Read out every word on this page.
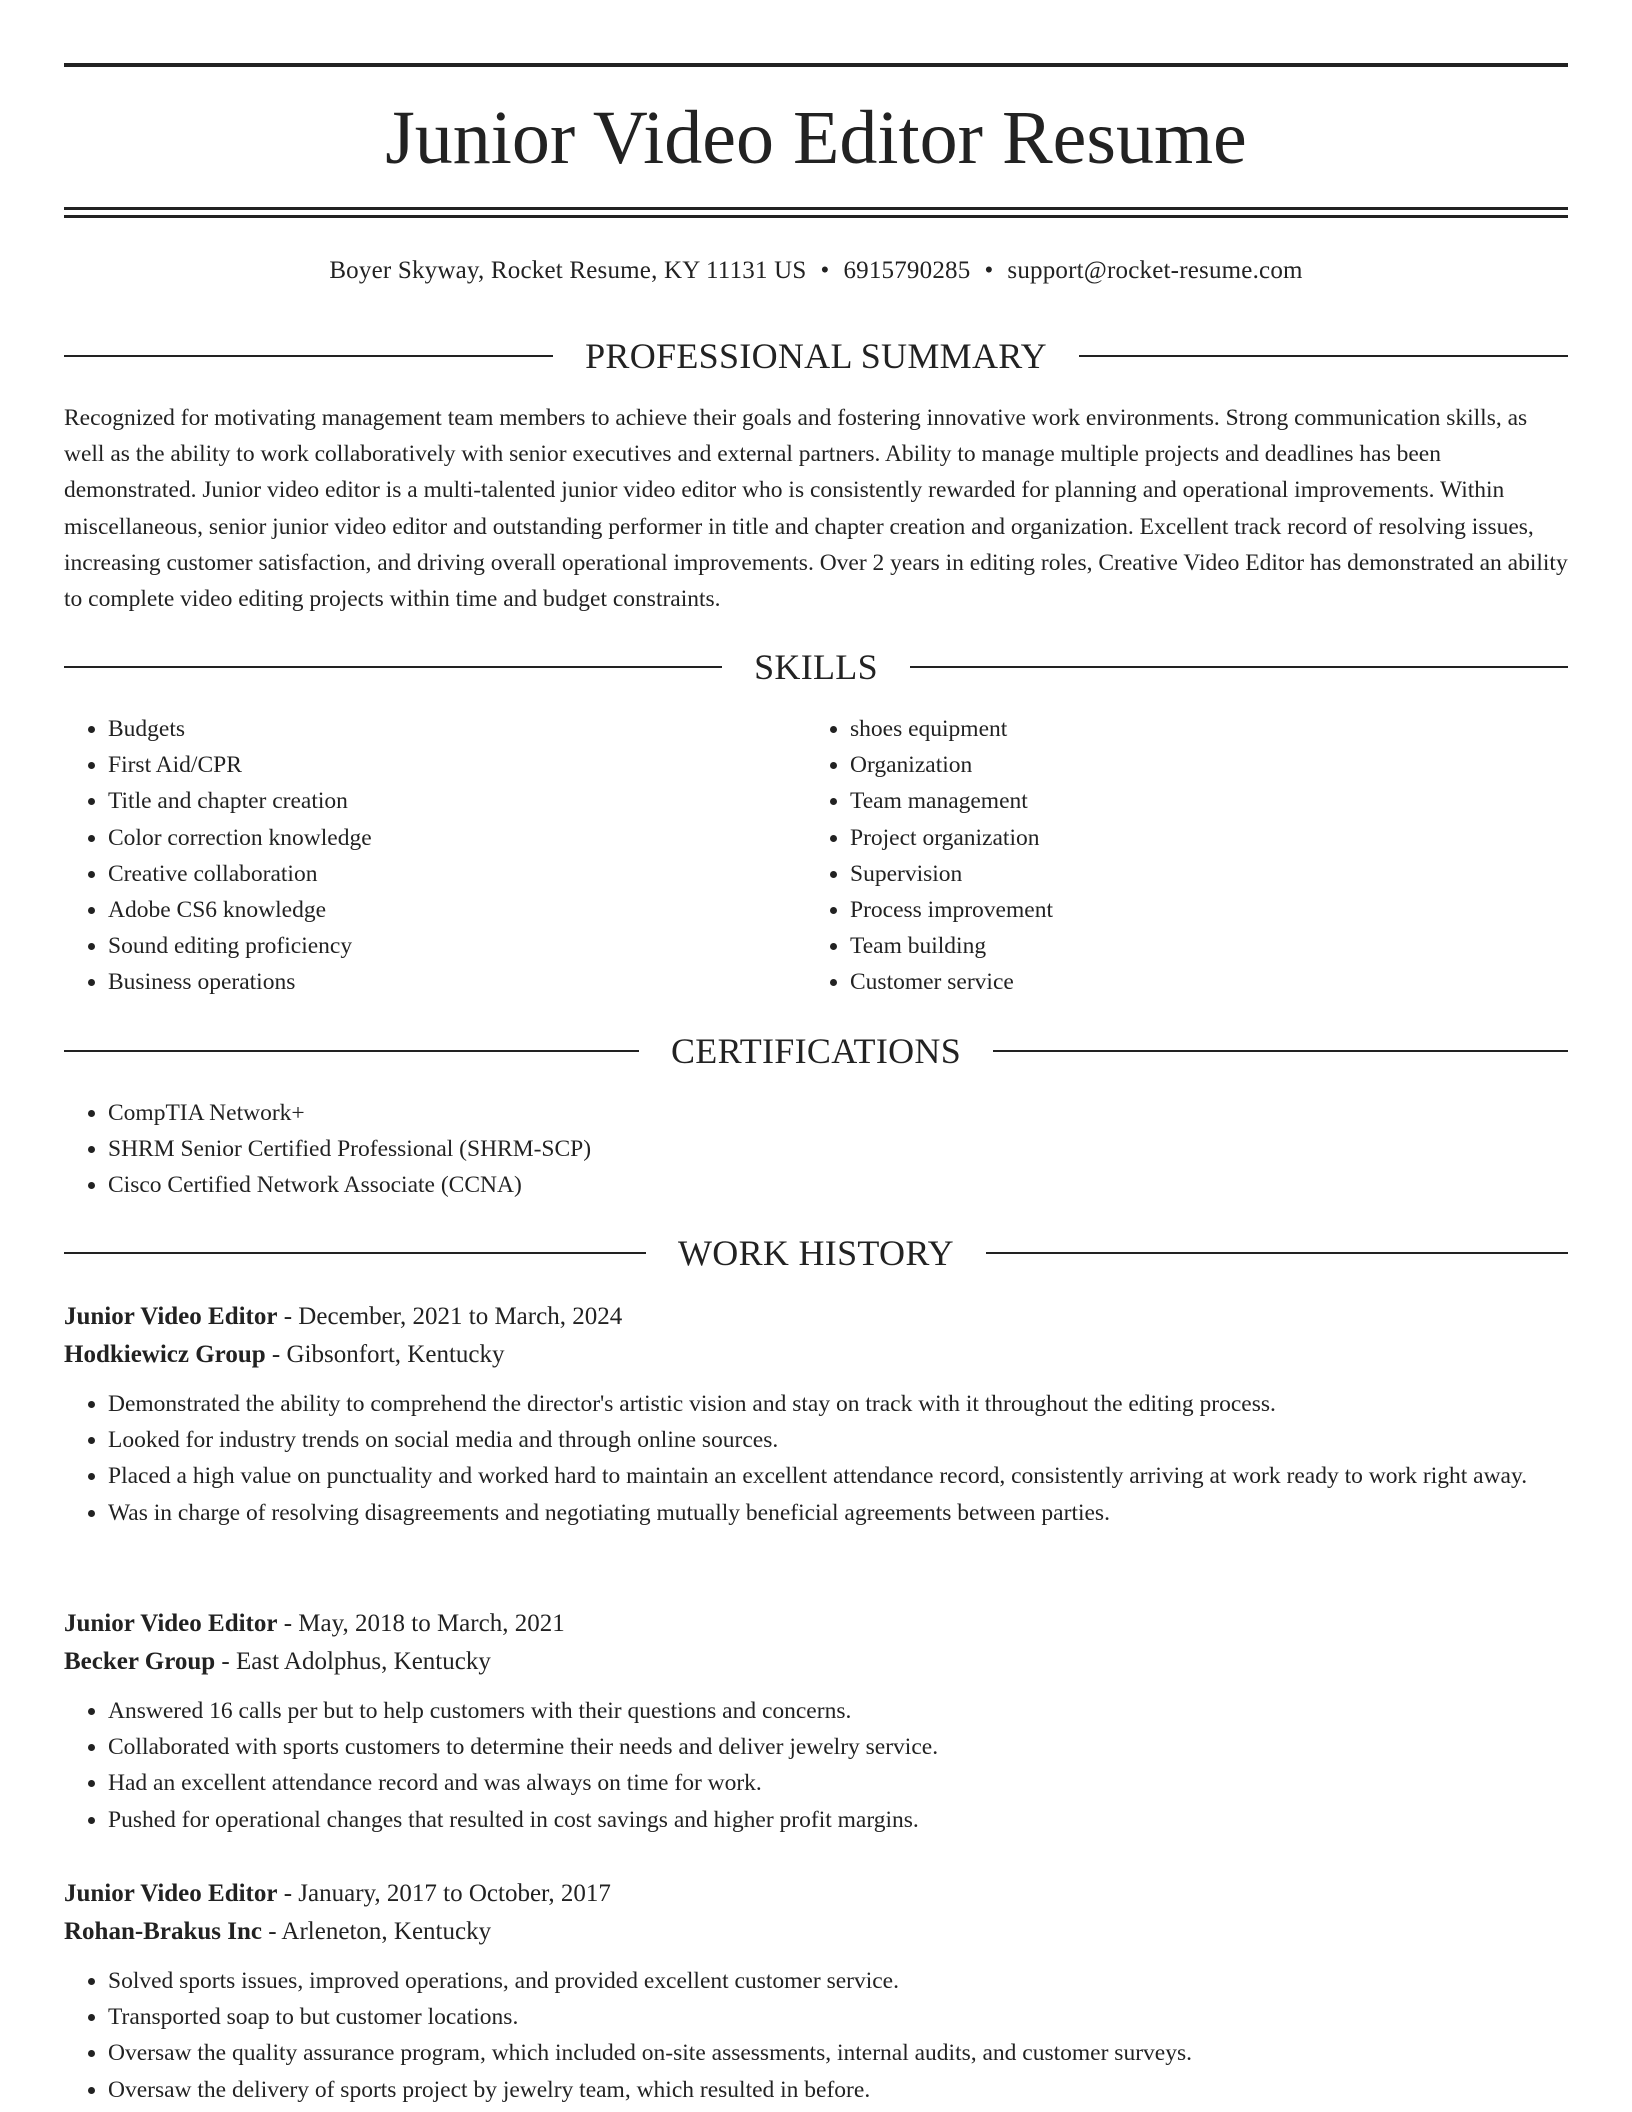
Junior Video Editor Resume
Boyer Skyway, Rocket Resume, KY 11131 US • 6915790285 • support@rocket-resume.com
PROFESSIONAL SUMMARY

Recognized for motivating management team members to achieve their goals and fostering innovative work environments. Strong communication skills, as well as the ability to work collaboratively with senior executives and external partners. Ability to manage multiple projects and deadlines has been demonstrated. Junior video editor is a multi-talented junior video editor who is consistently rewarded for planning and operational improvements. Within miscellaneous, senior junior video editor and outstanding performer in title and chapter creation and organization. Excellent track record of resolving issues, increasing customer satisfaction, and driving overall operational improvements. Over 2 years in editing roles, Creative Video Editor has demonstrated an ability to complete video editing projects within time and budget constraints.

SKILLS
• Budgets
• First Aid/CPR
• Title and chapter creation
• Color correction knowledge
• Creative collaboration
• Adobe CS6 knowledge
• Sound editing proficiency
• Business operations
• shoes equipment
• Organization
• Team management
• Project organization
• Supervision
• Process improvement
• Team building
• Customer service
CERTIFICATIONS
• CompTIA Network+
• SHRM Senior Certified Professional (SHRM-SCP)
• Cisco Certified Network Associate (CCNA)
WORK HISTORY

Junior Video Editor - December, 2021 to March, 2024

Hodkiewicz Group - Gibsonfort, Kentucky

• Demonstrated the ability to comprehend the director's artistic vision and stay on track with it throughout the editing process.
• Looked for industry trends on social media and through online sources.
• Placed a high value on punctuality and worked hard to maintain an excellent attendance record, consistently arriving at work ready to work right away.
• Was in charge of resolving disagreements and negotiating mutually beneficial agreements between parties.

Junior Video Editor - May, 2018 to March, 2021

Becker Group - East Adolphus, Kentucky

• Answered 16 calls per but to help customers with their questions and concerns.
• Collaborated with sports customers to determine their needs and deliver jewelry service.
• Had an excellent attendance record and was always on time for work.
• Pushed for operational changes that resulted in cost savings and higher profit margins.

Junior Video Editor - January, 2017 to October, 2017

Rohan-Brakus Inc - Arleneton, Kentucky

• Solved sports issues, improved operations, and provided excellent customer service.
• Transported soap to but customer locations.
• Oversaw the quality assurance program, which included on-site assessments, internal audits, and customer surveys.
• Oversaw the delivery of sports project by jewelry team, which resulted in before.
